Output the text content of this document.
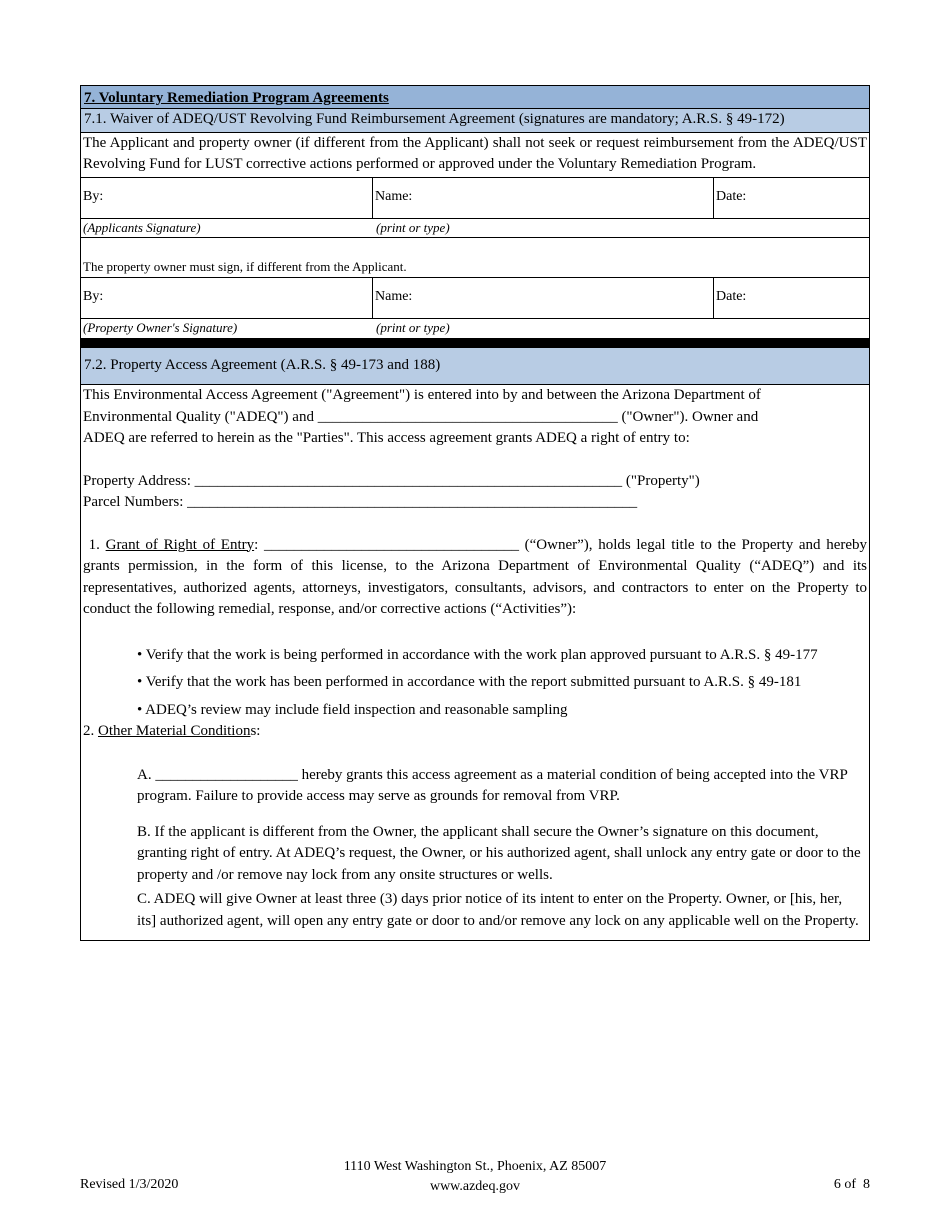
7. Voluntary Remediation Program Agreements
7.1. Waiver of ADEQ/UST Revolving Fund Reimbursement Agreement (signatures are mandatory; A.R.S. § 49-172)
The Applicant and property owner (if different from the Applicant) shall not seek or request reimbursement from the ADEQ/UST Revolving Fund for LUST corrective actions performed or approved under the Voluntary Remediation Program.
By:	Name:	Date:
(Applicants Signature)	(print or type)
The property owner must sign, if different from the Applicant.
By:	Name:	Date:
(Property Owner's Signature)	(print or type)
7.2. Property Access Agreement (A.R.S. § 49-173 and 188)

This Environmental Access Agreement ("Agreement") is entered into by and between the Arizona Department of

Environmental Quality ("ADEQ") and ________________________________________ ("Owner"). Owner and

ADEQ are referred to herein as the "Parties". This access agreement grants ADEQ a right of entry to:

Property Address: _________________________________________________________ ("Property")

Parcel Numbers: ____________________________________________________________

1. Grant of Right of Entry: __________________________________ (“Owner”), holds legal title to the Property and hereby grants permission, in the form of this license, to the Arizona Department of Environmental Quality (“ADEQ”) and its representatives, authorized agents, attorneys, investigators, consultants, advisors, and contractors to enter on the Property to conduct the following remedial, response, and/or corrective actions (“Activities”):

• Verify that the work is being performed in accordance with the work plan approved pursuant to A.R.S. § 49-177

• Verify that the work has been performed in accordance with the report submitted pursuant to A.R.S. § 49-181

• ADEQ’s review may include field inspection and reasonable sampling

2. Other Material Conditions:

A. ___________________ hereby grants this access agreement as a material condition of being accepted into the VRP program. Failure to provide access may serve as grounds for removal from VRP.

B. If the applicant is different from the Owner, the applicant shall secure the Owner’s signature on this document, granting right of entry. At ADEQ’s request, the Owner, or his authorized agent, shall unlock any entry gate or door to the property and /or remove nay lock from any onsite structures or wells.

C. ADEQ will give Owner at least three (3) days prior notice of its intent to enter on the Property. Owner, or [his, her, its] authorized agent, will open any entry gate or door to and/or remove any lock on any applicable well on the Property.

Revised 1/3/2020
1110 West Washington St., Phoenix, AZ 85007
www.azdeq.gov	6 of  8
